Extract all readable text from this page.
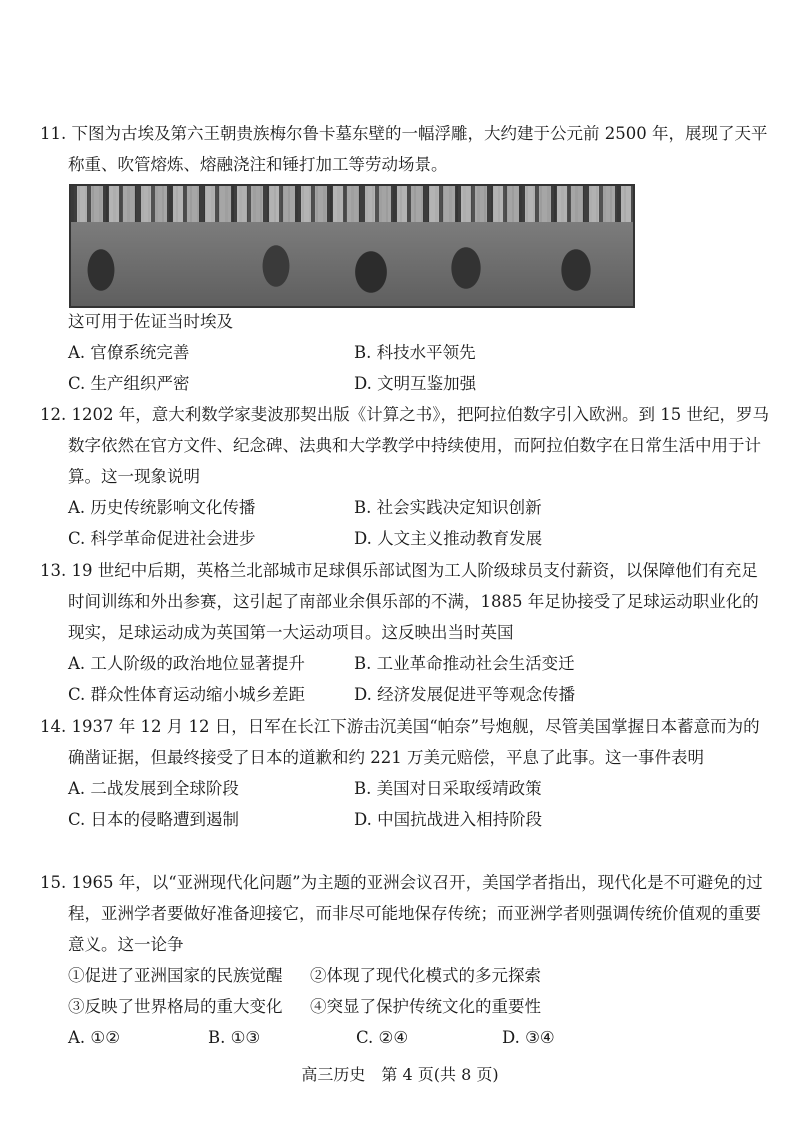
11. 下图为古埃及第六王朝贵族梅尔鲁卡墓东壁的一幅浮雕，大约建于公元前 2500 年，展现了天平称重、吹管熔炼、熔融浇注和锤打加工等劳动场景。

这可用于佐证当时埃及

A. 官僚系统完善	B. 科技水平领先
C. 生产组织严密	D. 文明互鉴加强

12. 1202 年，意大利数学家斐波那契出版《计算之书》，把阿拉伯数字引入欧洲。到 15 世纪，罗马数字依然在官方文件、纪念碑、法典和大学教学中持续使用，而阿拉伯数字在日常生活中用于计算。这一现象说明

A. 历史传统影响文化传播	B. 社会实践决定知识创新
C. 科学革命促进社会进步	D. 人文主义推动教育发展

13. 19 世纪中后期，英格兰北部城市足球俱乐部试图为工人阶级球员支付薪资，以保障他们有充足时间训练和外出参赛，这引起了南部业余俱乐部的不满，1885 年足协接受了足球运动职业化的现实，足球运动成为英国第一大运动项目。这反映出当时英国

A. 工人阶级的政治地位显著提升	B. 工业革命推动社会生活变迁
C. 群众性体育运动缩小城乡差距	D. 经济发展促进平等观念传播

14. 1937 年 12 月 12 日，日军在长江下游击沉美国“帕奈”号炮舰，尽管美国掌握日本蓄意而为的确凿证据，但最终接受了日本的道歉和约 221 万美元赔偿，平息了此事。这一事件表明

A. 二战发展到全球阶段	B. 美国对日采取绥靖政策
C. 日本的侵略遭到遏制	D. 中国抗战进入相持阶段

15. 1965 年，以“亚洲现代化问题”为主题的亚洲会议召开，美国学者指出，现代化是不可避免的过程，亚洲学者要做好准备迎接它，而非尽可能地保存传统；而亚洲学者则强调传统价值观的重要意义。这一论争

①促进了亚洲国家的民族觉醒 ②体现了现代化模式的多元探索
③反映了世界格局的重大变化 ④突显了保护传统文化的重要性
A. ①②	B. ①③	C. ②④	D. ③④
高三历史　第 4 页(共 8 页)
